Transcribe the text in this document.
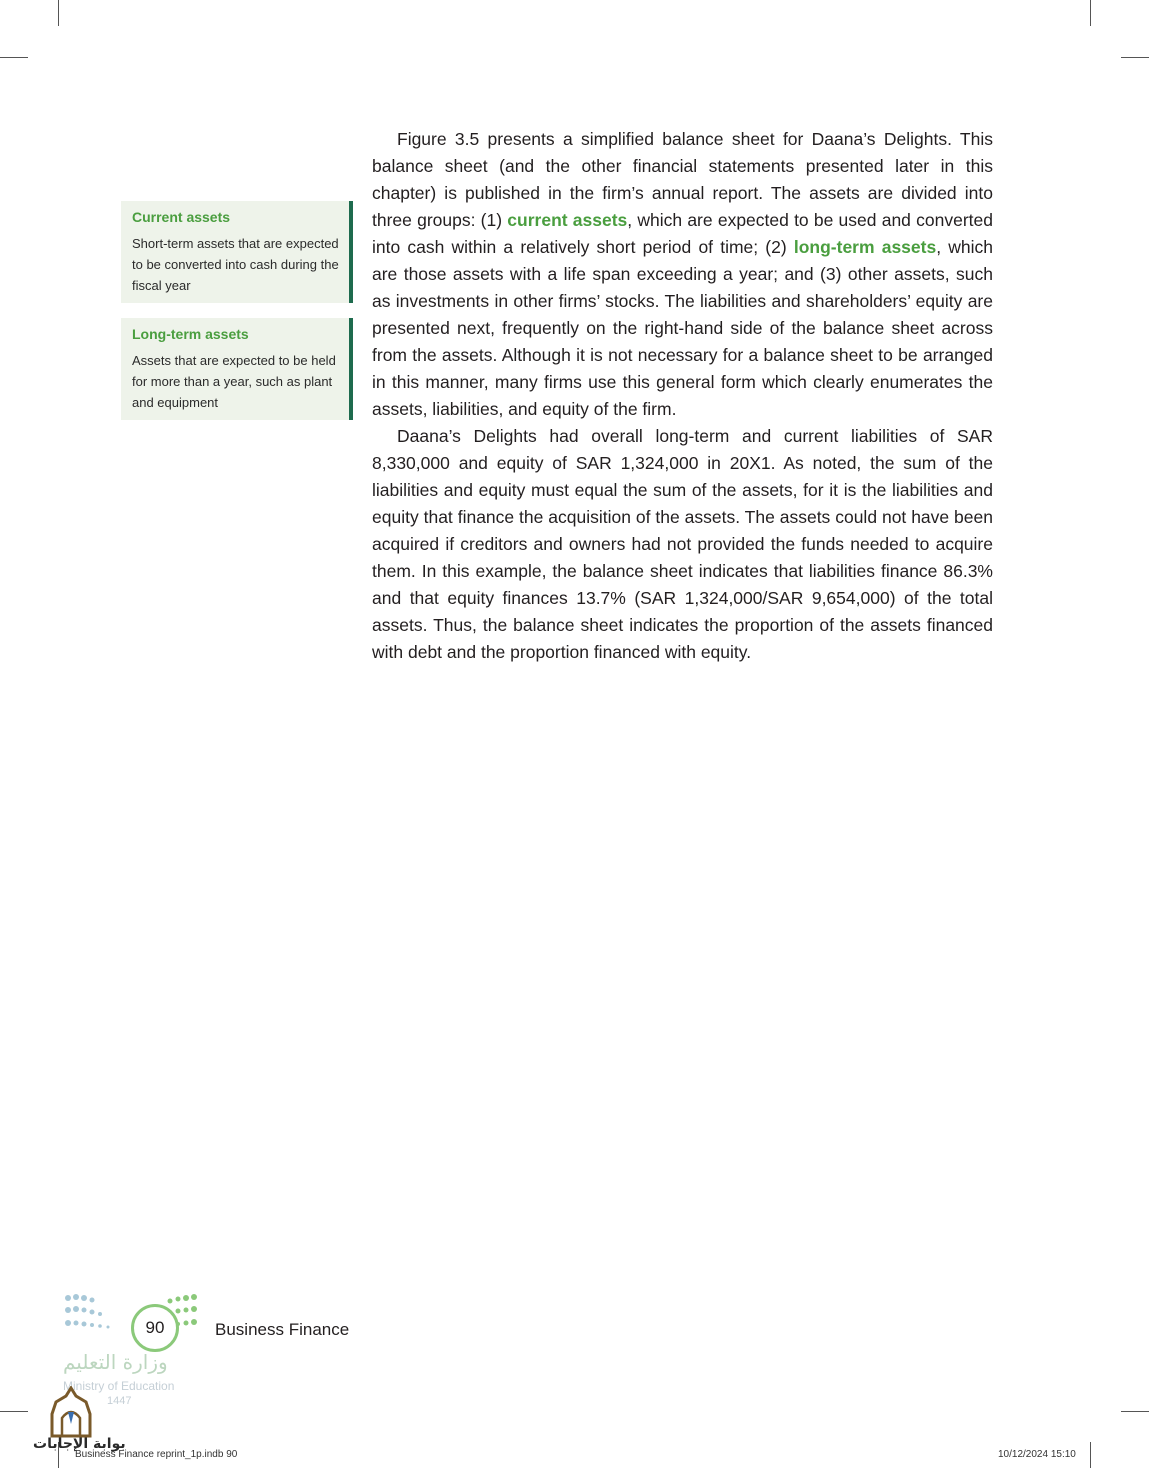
Current assets

Short-term assets that are expected to be converted into cash during the fiscal year

Long-term assets

Assets that are expected to be held for more than a year, such as plant and equipment

Figure 3.5 presents a simplified balance sheet for Daana’s Delights. This balance sheet (and the other financial statements presented later in this chapter) is published in the firm’s annual report. The assets are divided into three groups: (1) current assets, which are expected to be used and converted into cash within a relatively short period of time; (2) long-term assets, which are those assets with a life span exceeding a year; and (3) other assets, such as investments in other firms’ stocks. The liabilities and shareholders’ equity are presented next, frequently on the right-hand side of the balance sheet across from the assets. Although it is not necessary for a balance sheet to be arranged in this manner, many firms use this general form which clearly enumerates the assets, liabilities, and equity of the firm.

Daana’s Delights had overall long-term and current liabilities of SAR 8,330,000 and equity of SAR 1,324,000 in 20X1. As noted, the sum of the liabilities and equity must equal the sum of the assets, for it is the liabilities and equity that finance the acquisition of the assets. The assets could not have been acquired if creditors and owners had not provided the funds needed to acquire them. In this example, the balance sheet indicates that liabilities finance 86.3% and that equity finances 13.7% (SAR 1,324,000/SAR 9,654,000) of the total assets. Thus, the balance sheet indicates the proportion of the assets financed with debt and the proportion financed with equity.

90	Business Finance
وزارة التعليم
Ministry of Education
1447
بوابة الإجابات
Business Finance reprint_1p.indb 90	10/12/2024 15:10
